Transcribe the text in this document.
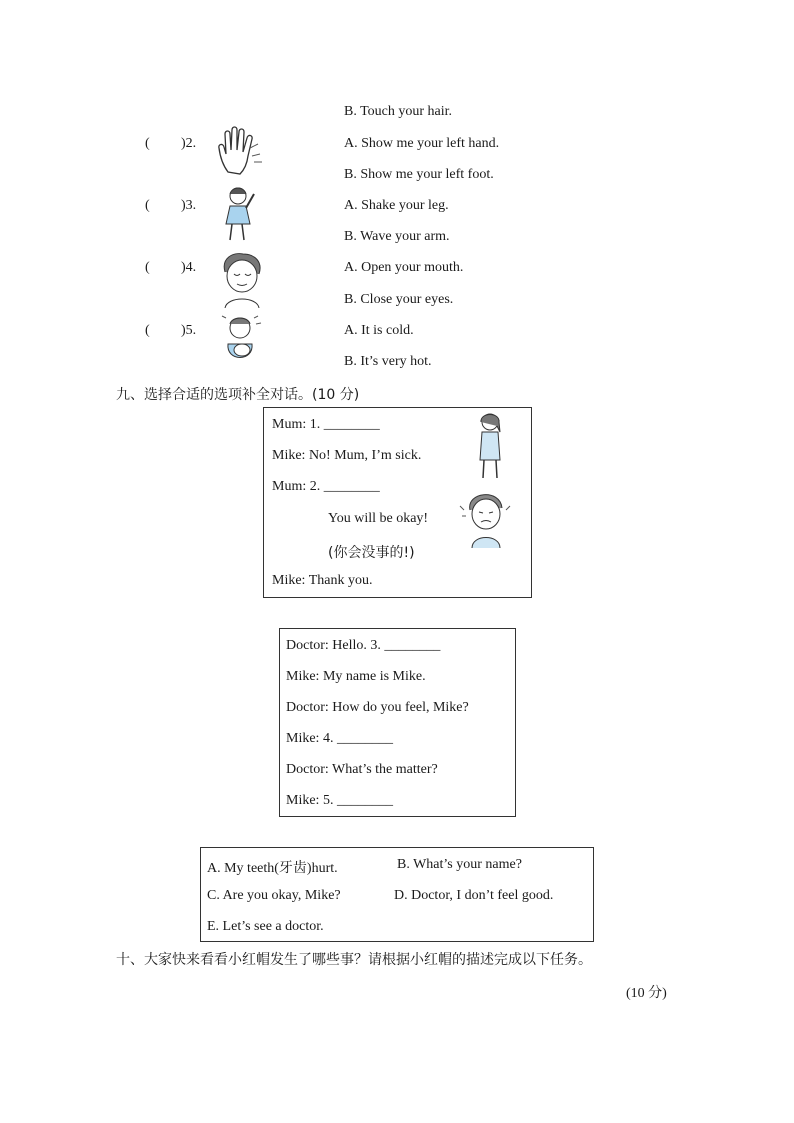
B. Touch your hair.
( )2.	A. Show me your left hand.
B. Show me your left foot.
( )3.	A. Shake your leg.
B. Wave your arm.
( )4.	A. Open your mouth.
B. Close your eyes.
( )5.	A. It is cold.
B. It’s very hot.
九、选择合适的选项补全对话。(10 分)
Mum: 1. ________
Mike: No! Mum, I’m sick.
Mum: 2. ________
You will be okay!
(你会没事的!)
Mike: Thank you.
Doctor: Hello. 3. ________
Mike: My name is Mike.
Doctor: How do you feel, Mike?
Mike: 4. ________
Doctor: What’s the matter?
Mike: 5. ________
A. My teeth(牙齿)hurt.	B. What’s your name?
C. Are you okay, Mike?	D. Doctor, I don’t feel good.
E. Let’s see a doctor.
十、大家快来看看小红帽发生了哪些事？请根据小红帽的描述完成以下任务。
(10 分)
